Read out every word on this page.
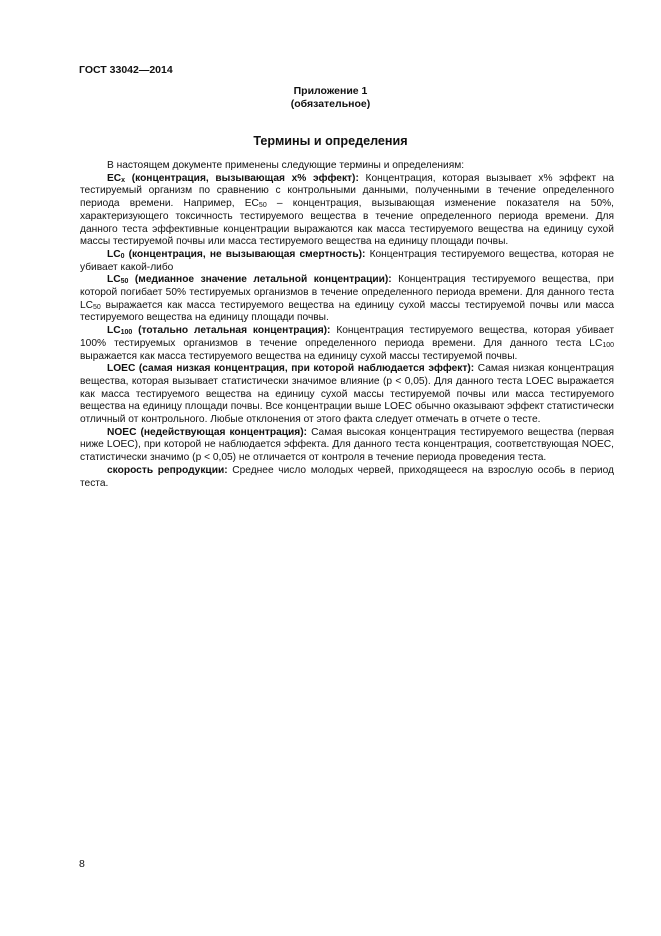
ГОСТ 33042—2014
Приложение 1
(обязательное)
Термины и определения

В настоящем документе применены следующие термины и определениям:

$EC_x$ (концентрация, вызывающая x% эффект): Концентрация, которая вызывает x% эффект на тестируемый организм по сравнению с контрольными данными, полученными в течение определенного периода времени. Например, $EC_{50}$ – концентрация, вызывающая изменение показателя на 50%, характеризующего токсичность тестируемого вещества в течение определенного периода времени. Для данного теста эффективные концентрации выражаются как масса тестируемого вещества на единицу сухой массы тестируемой почвы или масса тестируемого вещества на единицу площади почвы.

$LC_0$ (концентрация, не вызывающая смертность): Концентрация тестируемого вещества, которая не убивает какой-либо

$LC_{50}$ (медианное значение летальной концентрации): Концентрация тестируемого вещества, при которой погибает 50% тестируемых организмов в течение определенного периода времени. Для данного теста $LC_{50}$ выражается как масса тестируемого вещества на единицу сухой массы тестируемой почвы или масса тестируемого вещества на единицу площади почвы.

$LC_{100}$ (тотально летальная концентрация): Концентрация тестируемого вещества, которая убивает 100% тестируемых организмов в течение определенного периода времени. Для данного теста $LC_{100}$ выражается как масса тестируемого вещества на единицу сухой массы тестируемой почвы.

LOEC (самая низкая концентрация, при которой наблюдается эффект): Самая низкая концентрация вещества, которая вызывает статистически значимое влияние (p < 0,05). Для данного теста LOEC выражается как масса тестируемого вещества на единицу сухой массы тестируемой почвы или масса тестируемого вещества на единицу площади почвы. Все концентрации выше LOEC обычно оказывают эффект статистически отличный от контрольного. Любые отклонения от этого факта следует отмечать в отчете о тесте.

NOEC (недействующая концентрация): Самая высокая концентрация тестируемого вещества (первая ниже LOEC), при которой не наблюдается эффекта. Для данного теста концентрация, соответствующая NOEC, статистически значимо (p < 0,05) не отличается от контроля в течение периода проведения теста.

скорость репродукции: Среднее число молодых червей, приходящееся на взрослую особь в период теста.

8
